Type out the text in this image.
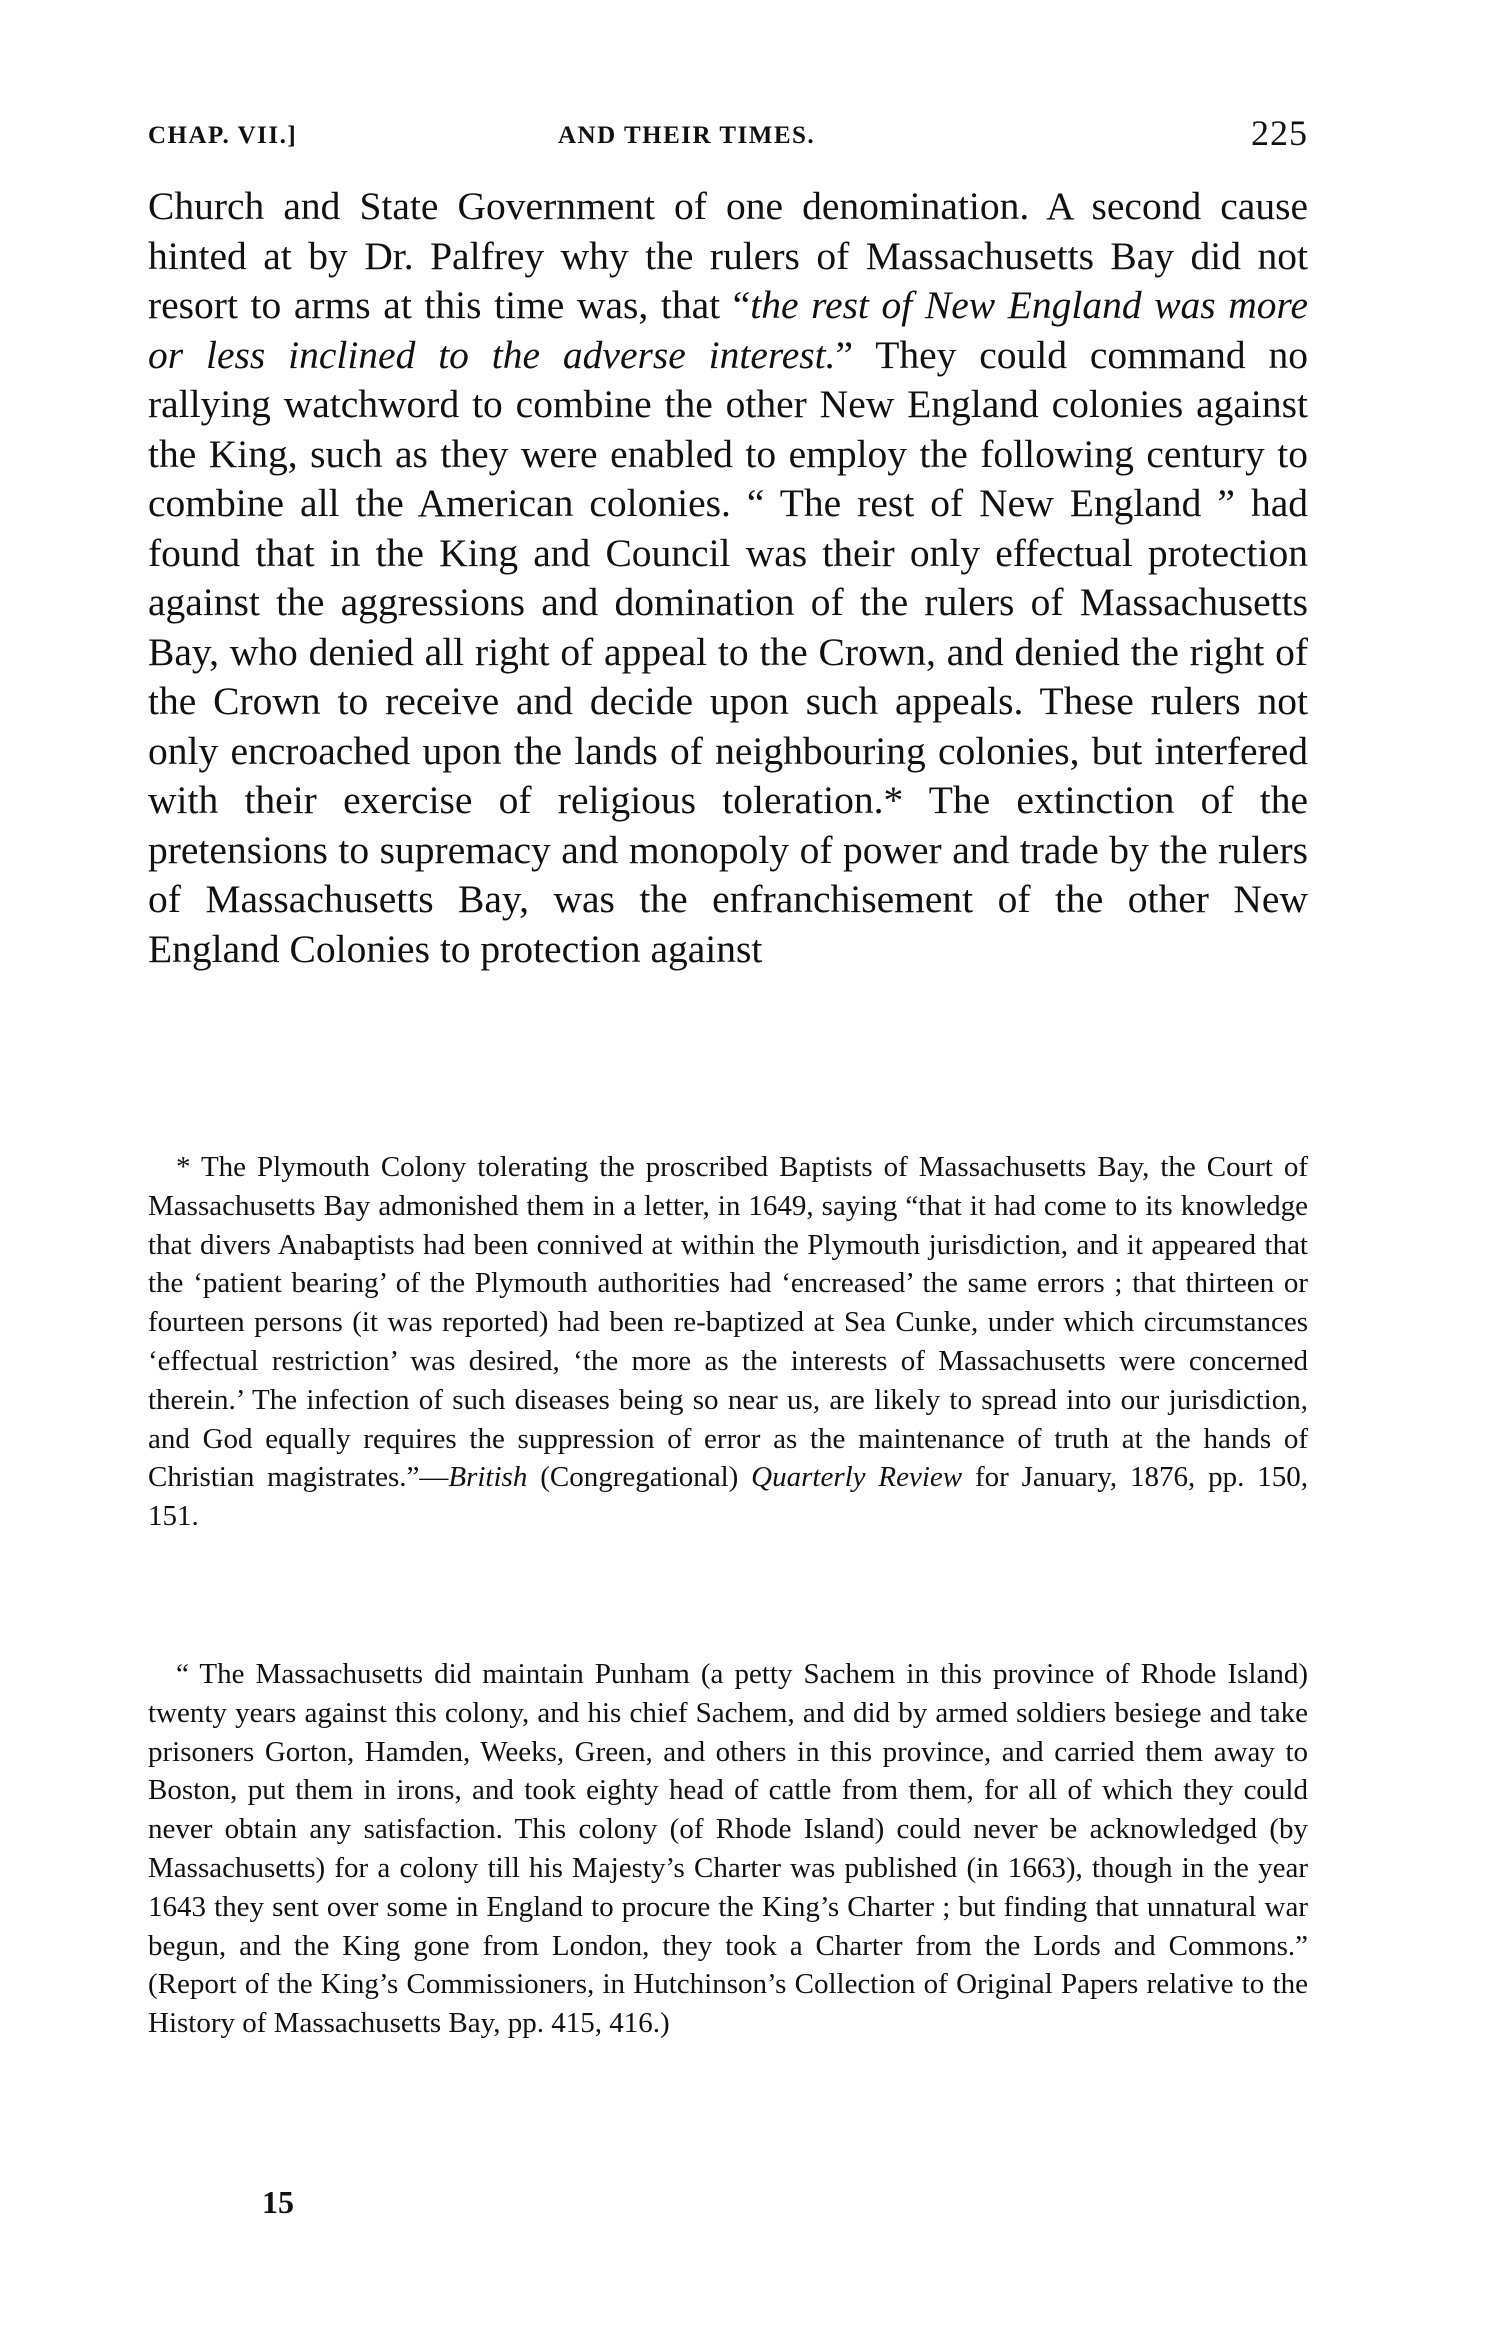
CHAP. VII.]	AND THEIR TIMES.	225

Church and State Government of one denomination. A second cause hinted at by Dr. Palfrey why the rulers of Massachusetts Bay did not resort to arms at this time was, that “the rest of New England was more or less inclined to the adverse interest.” They could command no rallying watchword to combine the other New England colonies against the King, such as they were enabled to employ the following century to combine all the American colonies. “ The rest of New England ” had found that in the King and Council was their only effectual protection against the aggressions and domination of the rulers of Massachusetts Bay, who denied all right of appeal to the Crown, and denied the right of the Crown to receive and decide upon such appeals. These rulers not only encroached upon the lands of neighbouring colonies, but interfered with their exercise of religious toleration.* The extinction of the pretensions to supremacy and monopoly of power and trade by the rulers of Massachusetts Bay, was the enfranchisement of the other New England Colonies to protection against

* The Plymouth Colony tolerating the proscribed Baptists of Massachusetts Bay, the Court of Massachusetts Bay admonished them in a letter, in 1649, saying “that it had come to its knowledge that divers Anabaptists had been connived at within the Plymouth jurisdiction, and it appeared that the ‘patient bearing’ of the Plymouth authorities had ‘encreased’ the same errors ; that thirteen or fourteen persons (it was reported) had been re-baptized at Sea Cunke, under which circumstances ‘effectual restriction’ was desired, ‘the more as the interests of Massachusetts were concerned therein.’ The infection of such diseases being so near us, are likely to spread into our jurisdiction, and God equally requires the suppression of error as the maintenance of truth at the hands of Christian magistrates.”—British (Congregational) Quarterly Review for January, 1876, pp. 150, 151.

“ The Massachusetts did maintain Punham (a petty Sachem in this province of Rhode Island) twenty years against this colony, and his chief Sachem, and did by armed soldiers besiege and take prisoners Gorton, Hamden, Weeks, Green, and others in this province, and carried them away to Boston, put them in irons, and took eighty head of cattle from them, for all of which they could never obtain any satisfaction. This colony (of Rhode Island) could never be acknowledged (by Massachusetts) for a colony till his Majesty’s Charter was published (in 1663), though in the year 1643 they sent over some in England to procure the King’s Charter ; but finding that unnatural war begun, and the King gone from London, they took a Charter from the Lords and Commons.” (Report of the King’s Commissioners, in Hutchinson’s Collection of Original Papers relative to the History of Massachusetts Bay, pp. 415, 416.)

15
